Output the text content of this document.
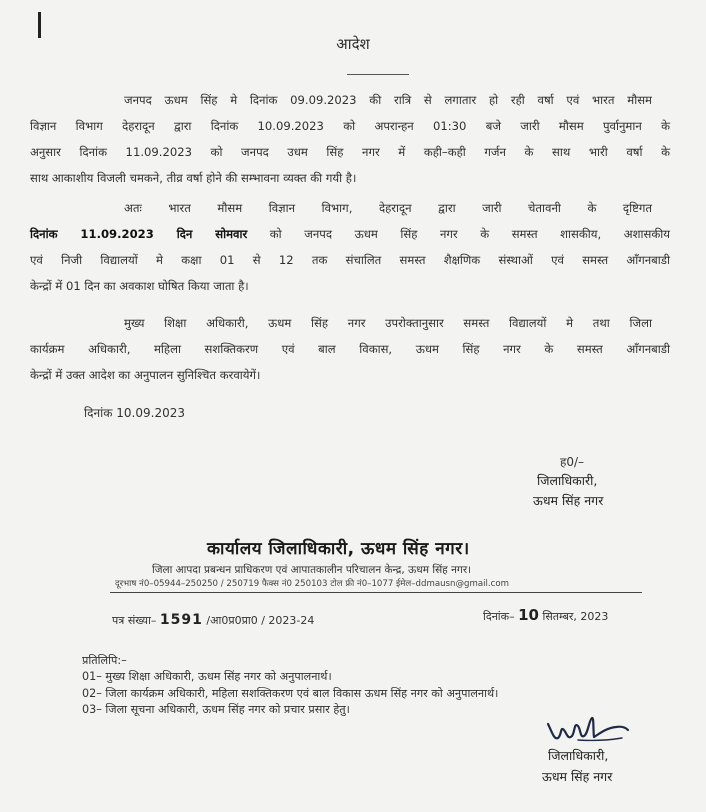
आदेश
जनपद ऊधम सिंह मे दिनांक 09.09.2023 की रात्रि से लगातार हो रही वर्षा एवं भारत मौसम
विज्ञान विभाग देहरादून द्वारा दिनांक 10.09.2023 को अपरान्हन 01:30 बजे जारी मौसम पुर्वानुमान के
अनुसार दिनांक 11.09.2023 को जनपद उधम सिंह नगर में कही–कही गर्जन के साथ भारी वर्षा के
साथ आकाशीय विजली चमकने, तीव्र वर्षा होने की सम्भावना व्यक्त की गयी है।
अतः भारत मौसम विज्ञान विभाग, देहरादून द्वारा जारी चेतावनी के दृष्टिगत
दिनांक 11.09.2023 दिन सोमवार को जनपद ऊधम सिंह नगर के समस्त शासकीय, अशासकीय
एवं निजी विद्यालयों मे कक्षा 01 से 12 तक संचालित समस्त शैक्षणिक संस्थाओं एवं समस्त आँगनबाडी
केन्द्रों में 01 दिन का अवकाश घोषित किया जाता है।
मुख्य शिक्षा अधिकारी, ऊधम सिंह नगर उपरोक्तानुसार समस्त विद्यालयों मे तथा जिला
कार्यक्रम अधिकारी, महिला सशक्तिकरण एवं बाल विकास, ऊधम सिंह नगर के समस्त आँगनबाडी
केन्द्रों में उक्त आदेश का अनुपालन सुनिश्चित करवायेगें।
दिनांक 10.09.2023
ह0/–
जिलाधिकारी,
ऊधम सिंह नगर
कार्यालय जिलाधिकारी, ऊधम सिंह नगर।
जिला आपदा प्रबन्धन प्राधिकरण एवं आपातकालीन परिचालन केन्द्र, ऊधम सिंह नगर।
दूरभाष नं0–05944–250250 / 250719 फैक्स नं0 250103 टोल फ्री नं0–1077 ईमेल–ddmausn@gmail.com
पत्र संख्या– 1591 /आ0प्र0प्रा0 / 2023-24	दिनांक– 10 सितम्बर, 2023
प्रतिलिपि:–
01– मुख्य शिक्षा अधिकारी, ऊधम सिंह नगर को अनुपालनार्थ।
02– जिला कार्यक्रम अधिकारी, महिला सशक्तिकरण एवं बाल विकास ऊधम सिंह नगर को अनुपालनार्थ।
03– जिला सूचना अधिकारी, ऊधम सिंह नगर को प्रचार प्रसार हेतु।
जिलाधिकारी,
ऊधम सिंह नगर
